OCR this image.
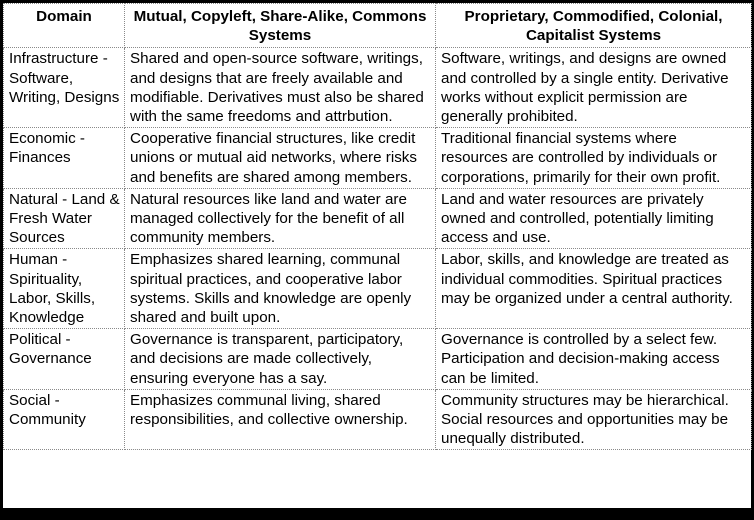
Domain	Mutual, Copyleft, Share-Alike, Commons Systems	Proprietary, Commodified, Colonial, Capitalist Systems
Infrastructure - Software, Writing, Designs	Shared and open-source software, writings, and designs that are freely available and modifiable. Derivatives must also be shared with the same freedoms and attrbution.	Software, writings, and designs are owned and controlled by a single entity. Derivative works without explicit permission are generally prohibited.
Economic - Finances	Cooperative financial structures, like credit unions or mutual aid networks, where risks and benefits are shared among members.	Traditional financial systems where resources are controlled by individuals or corporations, primarily for their own profit.
Natural - Land & Fresh Water Sources	Natural resources like land and water are managed collectively for the benefit of all community members.	Land and water resources are privately owned and controlled, potentially limiting access and use.
Human - Spirituality, Labor, Skills, Knowledge	Emphasizes shared learning, communal spiritual practices, and cooperative labor systems. Skills and knowledge are openly shared and built upon.	Labor, skills, and knowledge are treated as individual commodities. Spiritual practices may be organized under a central authority.
Political - Governance	Governance is transparent, participatory, and decisions are made collectively, ensuring everyone has a say.	Governance is controlled by a select few. Participation and decision-making access can be limited.
Social - Community	Emphasizes communal living, shared responsibilities, and collective ownership.	Community structures may be hierarchical. Social resources and opportunities may be unequally distributed.
